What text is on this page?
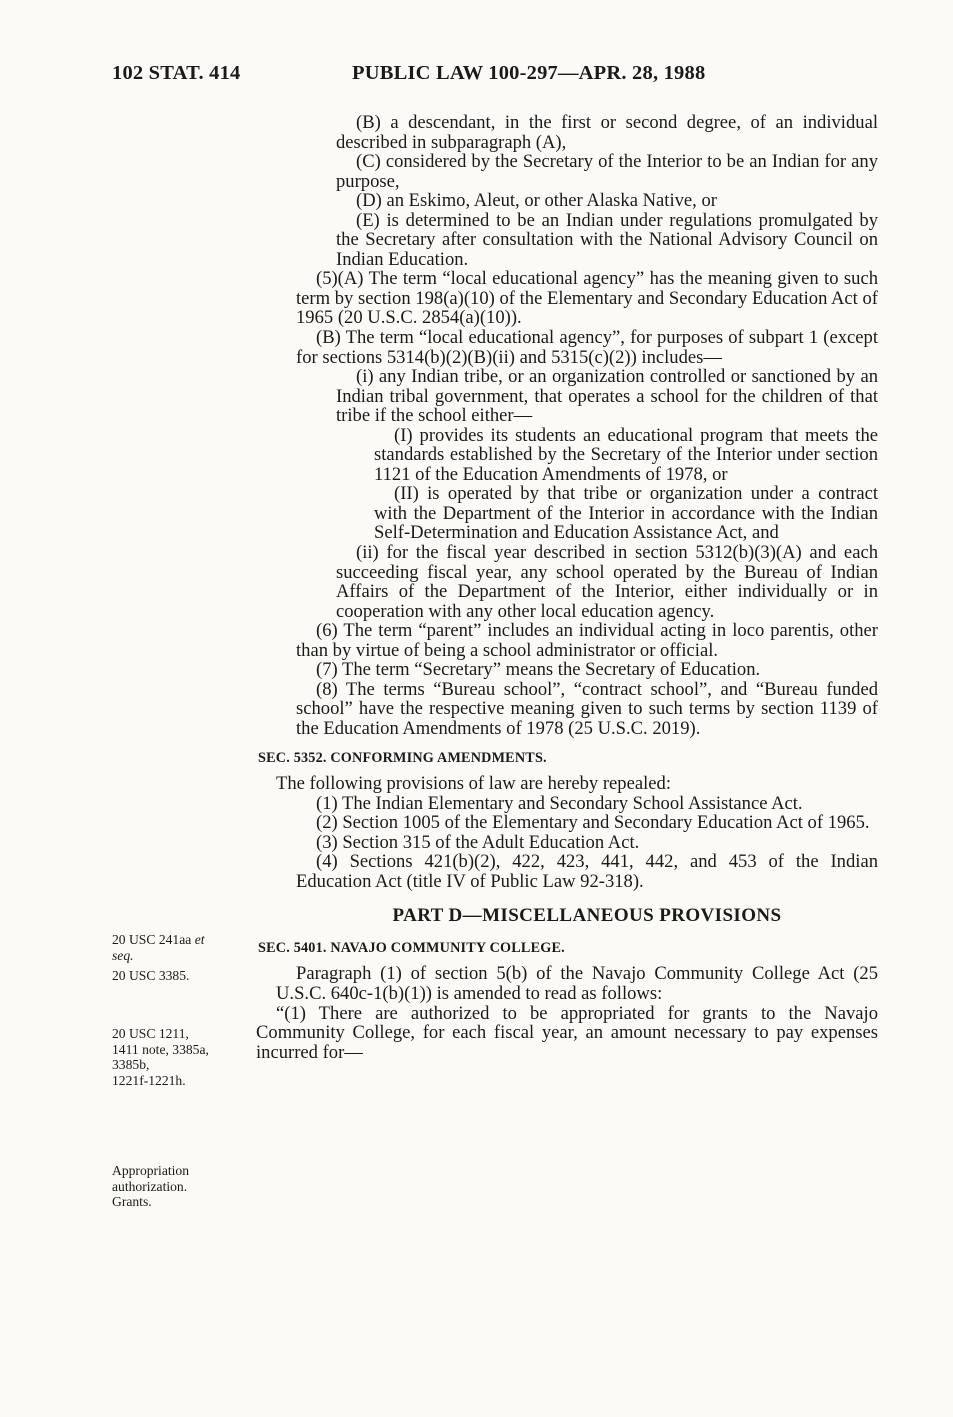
102 STAT. 414	PUBLIC LAW 100-297—APR. 28, 1988

(B) a descendant, in the first or second degree, of an individual described in subparagraph (A),

(C) considered by the Secretary of the Interior to be an Indian for any purpose,

(D) an Eskimo, Aleut, or other Alaska Native, or

(E) is determined to be an Indian under regulations promulgated by the Secretary after consultation with the National Advisory Council on Indian Education.

(5)(A) The term “local educational agency” has the meaning given to such term by section 198(a)(10) of the Elementary and Secondary Education Act of 1965 (20 U.S.C. 2854(a)(10)).

(B) The term “local educational agency”, for purposes of subpart 1 (except for sections 5314(b)(2)(B)(ii) and 5315(c)(2)) includes—

(i) any Indian tribe, or an organization controlled or sanctioned by an Indian tribal government, that operates a school for the children of that tribe if the school either—

(I) provides its students an educational program that meets the standards established by the Secretary of the Interior under section 1121 of the Education Amendments of 1978, or

(II) is operated by that tribe or organization under a contract with the Department of the Interior in accordance with the Indian Self-Determination and Education Assistance Act, and

(ii) for the fiscal year described in section 5312(b)(3)(A) and each succeeding fiscal year, any school operated by the Bureau of Indian Affairs of the Department of the Interior, either individually or in cooperation with any other local education agency.

(6) The term “parent” includes an individual acting in loco parentis, other than by virtue of being a school administrator or official.

(7) The term “Secretary” means the Secretary of Education.

(8) The terms “Bureau school”, “contract school”, and “Bureau funded school” have the respective meaning given to such terms by section 1139 of the Education Amendments of 1978 (25 U.S.C. 2019).

SEC. 5352. CONFORMING AMENDMENTS.

The following provisions of law are hereby repealed:

(1) The Indian Elementary and Secondary School Assistance Act.

(2) Section 1005 of the Elementary and Secondary Education Act of 1965.

(3) Section 315 of the Adult Education Act.

(4) Sections 421(b)(2), 422, 423, 441, 442, and 453 of the Indian Education Act (title IV of Public Law 92-318).

PART D—MISCELLANEOUS PROVISIONS
SEC. 5401. NAVAJO COMMUNITY COLLEGE.

Paragraph (1) of section 5(b) of the Navajo Community College Act (25 U.S.C. 640c-1(b)(1)) is amended to read as follows:

“(1) There are authorized to be appropriated for grants to the Navajo Community College, for each fiscal year, an amount necessary to pay expenses incurred for—

20 USC 241aa et
seq.
20 USC 3385.
20 USC 1211,
1411 note, 3385a,
3385b,
1221f-1221h.
Appropriation
authorization.
Grants.
